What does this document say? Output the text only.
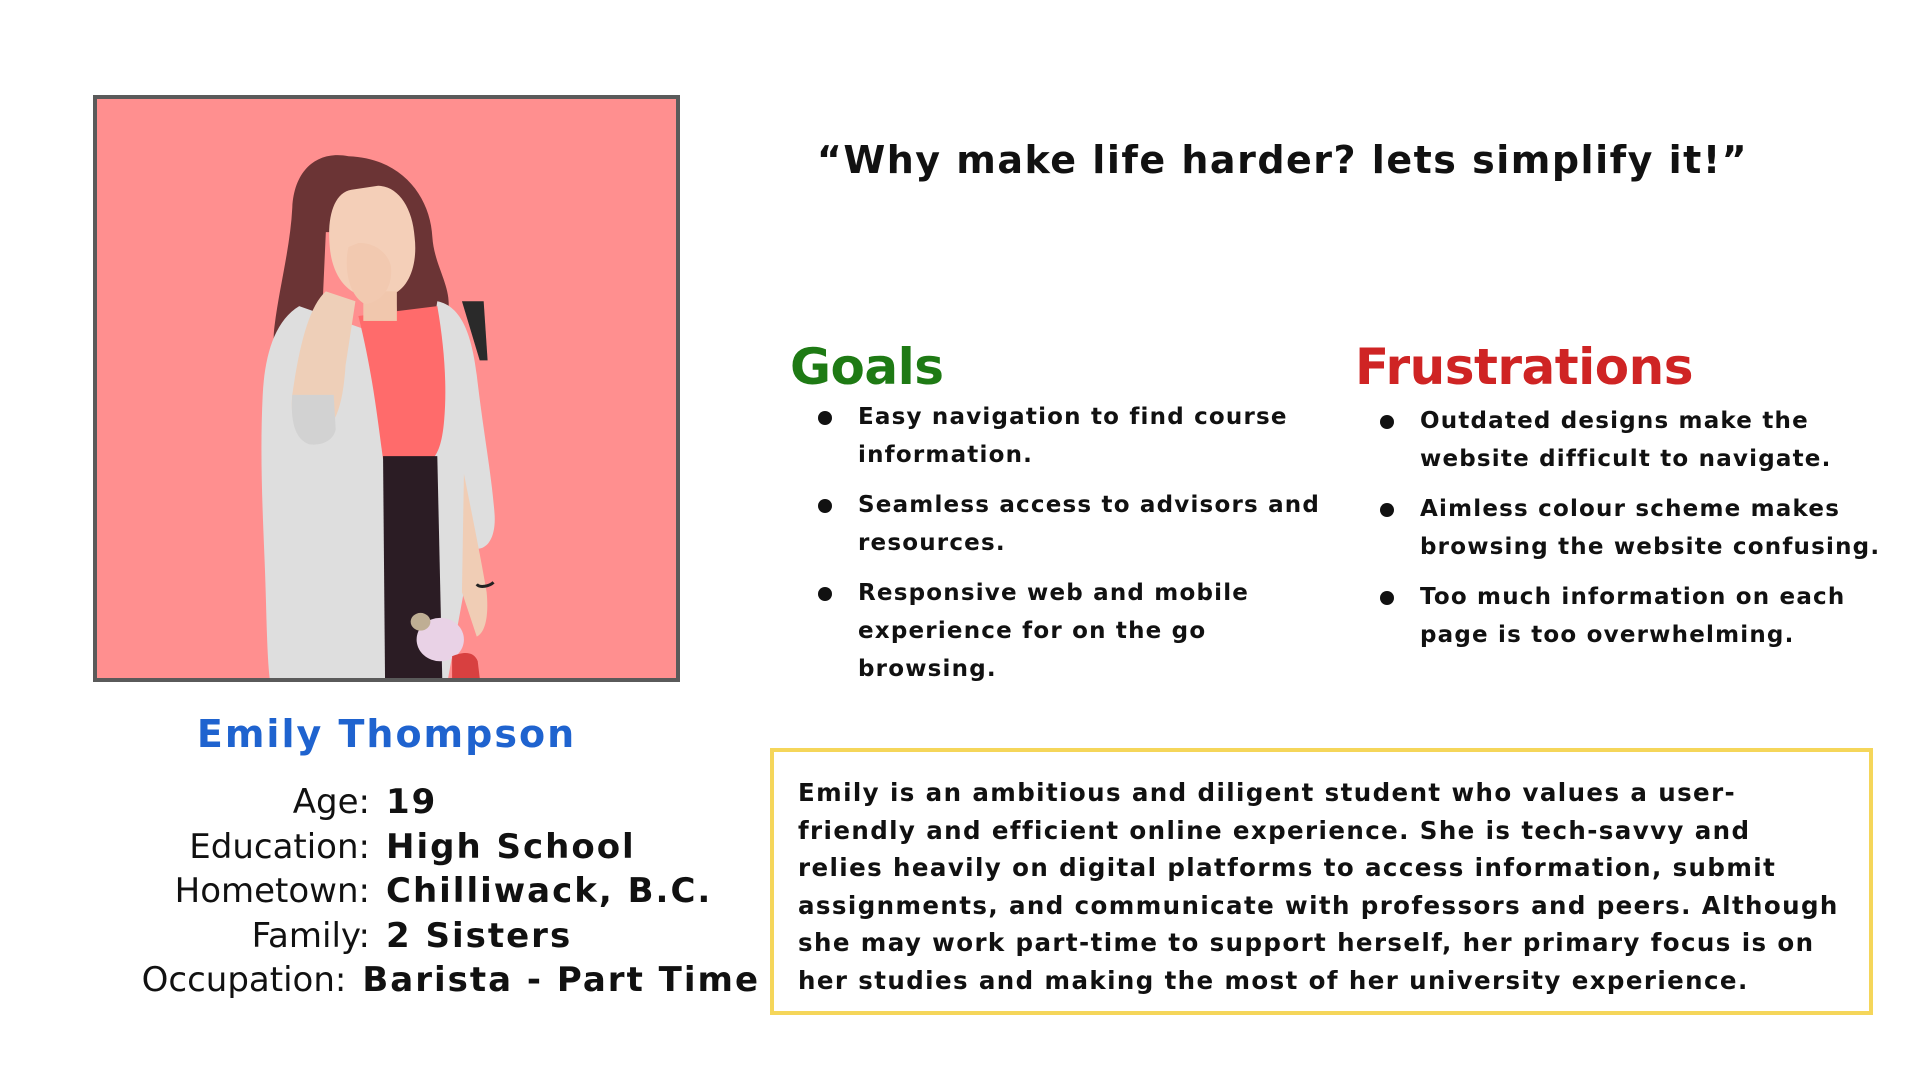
Emily Thompson
Age: 19
Education: High School
Hometown: Chilliwack, B.C.
Family: 2 Sisters
Occupation: Barista - Part Time
“Why make life harder? lets simplify it!”
Goals
Easy navigation to find course information.
Seamless access to advisors and resources.
Responsive web and mobile experience for on the go browsing.
Frustrations
Outdated designs make the website difficult to navigate.
Aimless colour scheme makes browsing the website confusing.
Too much information on each page is too overwhelming.

Emily is an ambitious and diligent student who values a user-friendly and efficient online experience. She is tech-savvy and relies heavily on digital platforms to access information, submit assignments, and communicate with professors and peers. Although she may work part-time to support herself, her primary focus is on her studies and making the most of her university experience.
